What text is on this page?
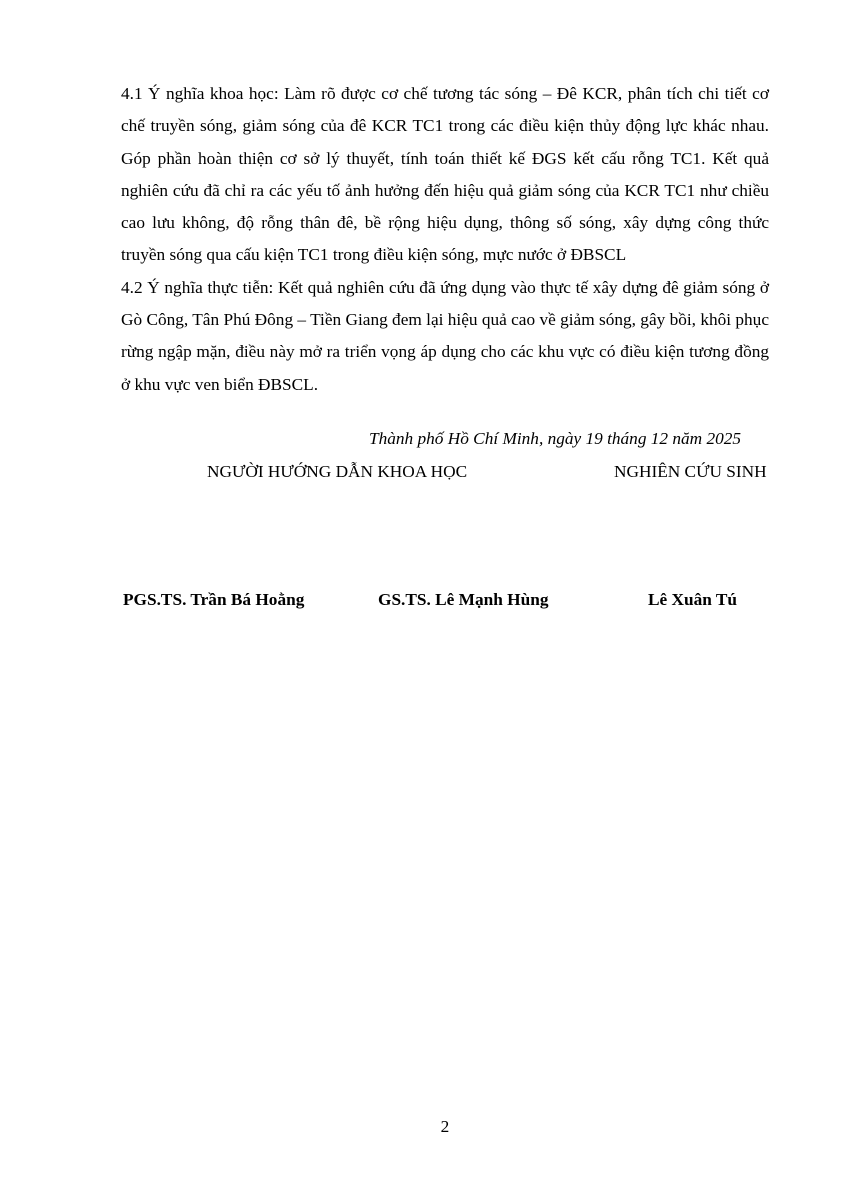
4.1 Ý nghĩa khoa học: Làm rõ được cơ chế tương tác sóng – Đê KCR, phân tích chi tiết cơ chế truyền sóng, giảm sóng của đê KCR TC1 trong các điều kiện thủy động lực khác nhau. Góp phần hoàn thiện cơ sở lý thuyết, tính toán thiết kế ĐGS kết cấu rỗng TC1. Kết quả nghiên cứu đã chỉ ra các yếu tố ảnh hưởng đến hiệu quả giảm sóng của KCR TC1 như chiều cao lưu không, độ rỗng thân đê, bề rộng hiệu dụng, thông số sóng, xây dựng công thức truyền sóng qua cấu kiện TC1 trong điều kiện sóng, mực nước ở ĐBSCL

4.2 Ý nghĩa thực tiễn: Kết quả nghiên cứu đã ứng dụng vào thực tế xây dựng đê giảm sóng ở Gò Công, Tân Phú Đông – Tiền Giang đem lại hiệu quả cao về giảm sóng, gây bồi, khôi phục rừng ngập mặn, điều này mở ra triển vọng áp dụng cho các khu vực có điều kiện tương đồng ở khu vực ven biển ĐBSCL.

Thành phố Hồ Chí Minh, ngày 19 tháng 12 năm 2025
NGƯỜI HƯỚNG DẪN KHOA HỌC	NGHIÊN CỨU SINH
PGS.TS. Trần Bá Hoằng	GS.TS. Lê Mạnh Hùng	Lê Xuân Tú
2
